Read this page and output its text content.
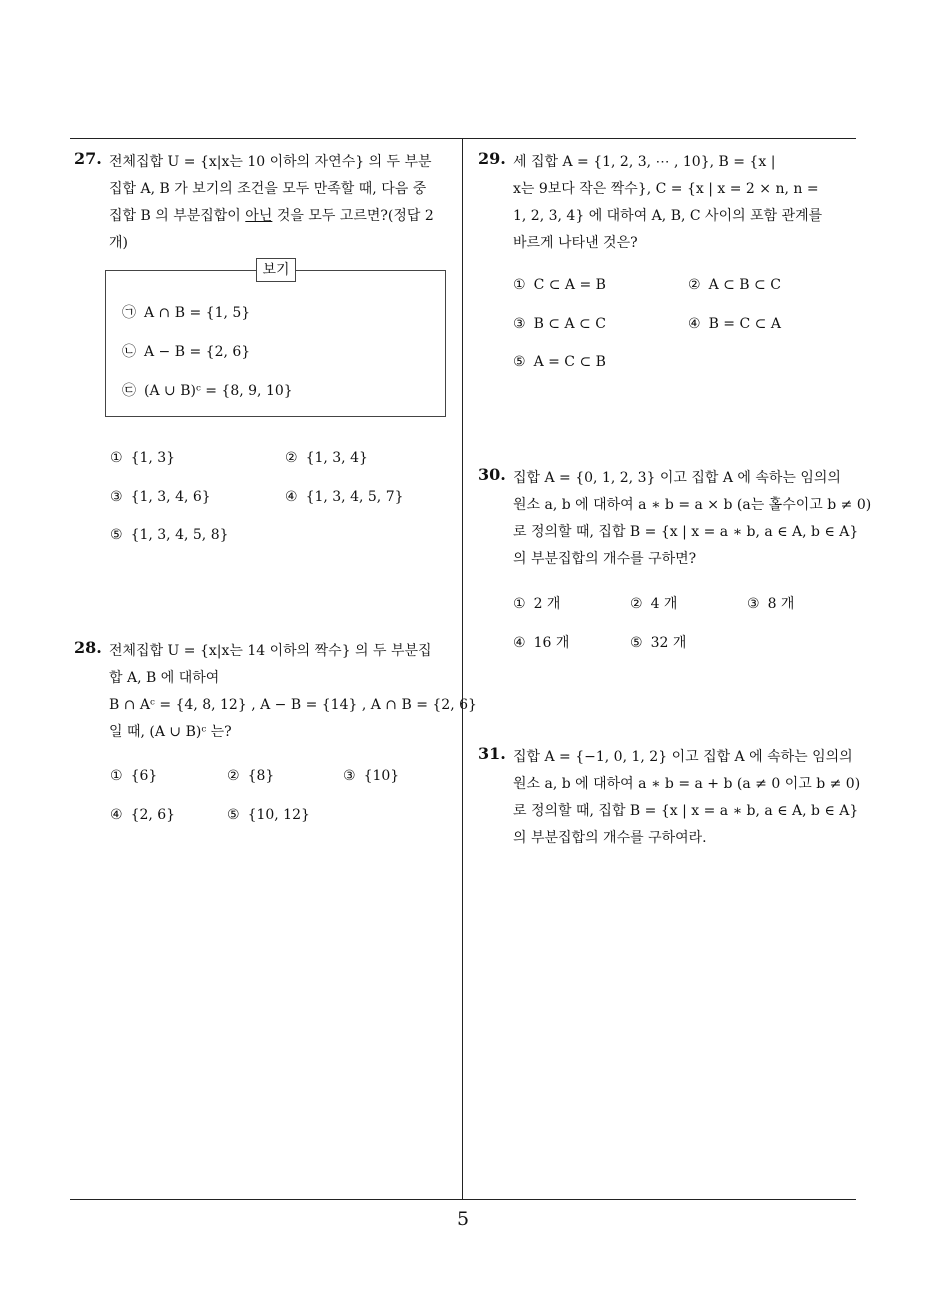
27. 전체집합 U = {x|x는 10 이하의 자연수} 의 두 부분
집합 A, B 가 보기의 조건을 모두 만족할 때, 다음 중
집합 B 의 부분집합이 아닌 것을 모두 고르면?(정답 2
개)
보기
㉠ A ∩ B = {1, 5}
㉡ A − B = {2, 6}
㉢ (A ∪ B)ᶜ = {8, 9, 10}
① {1, 3}	② {1, 3, 4}
③ {1, 3, 4, 6}	④ {1, 3, 4, 5, 7}
⑤ {1, 3, 4, 5, 8}
28. 전체집합 U = {x|x는 14 이하의 짝수} 의 두 부분집
합 A, B 에 대하여
B ∩ Aᶜ = {4, 8, 12} , A − B = {14} , A ∩ B = {2, 6}
일 때, (A ∪ B)ᶜ 는?
① {6}	② {8}	③ {10}
④ {2, 6}	⑤ {10, 12}
29. 세 집합 A = {1, 2, 3, ⋯ , 10}, B = {x |
x는 9보다 작은 짝수}, C = {x | x = 2 × n, n =
1, 2, 3, 4} 에 대하여 A, B, C 사이의 포함 관계를
바르게 나타낸 것은?
① C ⊂ A = B	② A ⊂ B ⊂ C
③ B ⊂ A ⊂ C	④ B = C ⊂ A
⑤ A = C ⊂ B
30. 집합 A = {0, 1, 2, 3} 이고 집합 A 에 속하는 임의의
원소 a, b 에 대하여 a ∗ b = a × b (a는 홀수이고 b ≠ 0)
로 정의할 때, 집합 B = {x | x = a ∗ b, a ∈ A, b ∈ A}
의 부분집합의 개수를 구하면?
① 2 개	② 4 개	③ 8 개
④ 16 개	⑤ 32 개
31. 집합 A = {−1, 0, 1, 2} 이고 집합 A 에 속하는 임의의
원소 a, b 에 대하여 a ∗ b = a + b (a ≠ 0 이고 b ≠ 0)
로 정의할 때, 집합 B = {x | x = a ∗ b, a ∈ A, b ∈ A}
의 부분집합의 개수를 구하여라.
5
